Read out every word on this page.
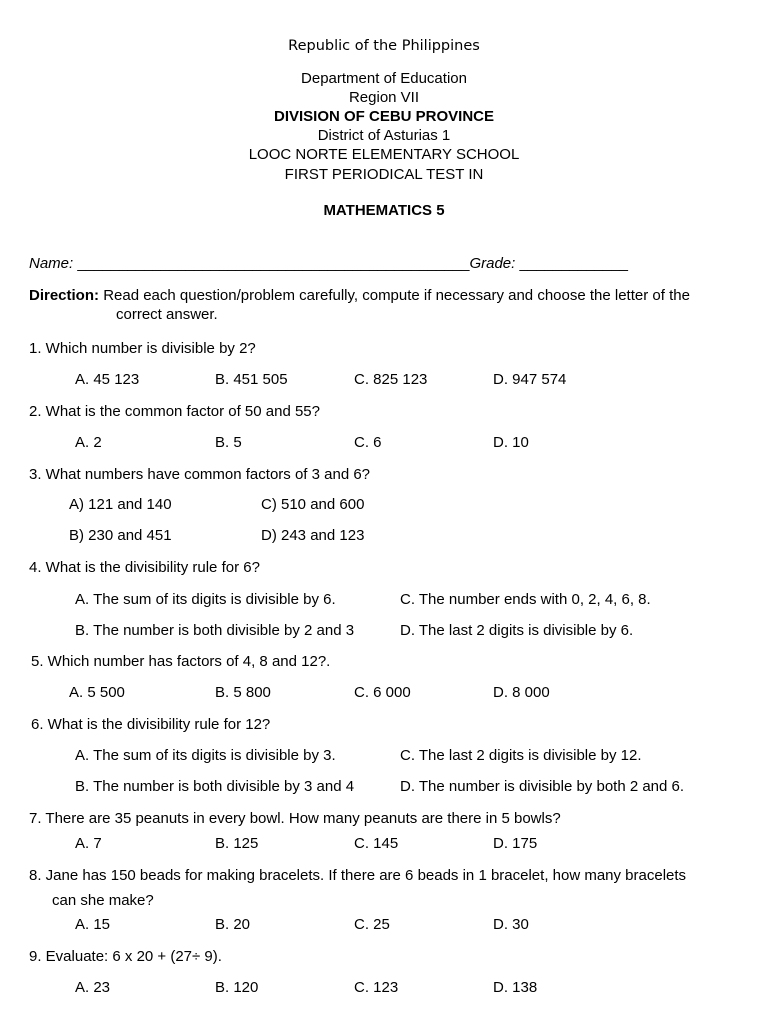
Republic of the Philippines
Department of Education
Region VII
DIVISION OF CEBU PROVINCE
District of Asturias 1
LOOC NORTE ELEMENTARY SCHOOL
FIRST PERIODICAL TEST IN
MATHEMATICS 5
Name: _______________________________________________Grade: _____________
Direction: Read each question/problem carefully, compute if necessary and choose the letter of the
correct answer.
1. Which number is divisible by 2?
A. 45 123	B. 451 505	C. 825 123	D. 947 574
2. What is the common factor of 50 and 55?
A. 2	B. 5	C. 6	D. 10
3. What numbers have common factors of 3 and 6?
A) 121 and 140	C) 510 and 600
B) 230 and 451	D) 243 and 123
4. What is the divisibility rule for 6?
A. The sum of its digits is divisible by 6.	C. The number ends with 0, 2, 4, 6, 8.
B. The number is both divisible by 2 and 3	D. The last 2 digits is divisible by 6.
5. Which number has factors of 4, 8 and 12?.
A. 5 500	B. 5 800	C. 6 000	D. 8 000
6. What is the divisibility rule for 12?
A. The sum of its digits is divisible by 3.	C. The last 2 digits is divisible by 12.
B. The number is both divisible by 3 and 4	D. The number is divisible by both 2 and 6.
7. There are 35 peanuts in every bowl. How many peanuts are there in 5 bowls?
A. 7	B. 125	C. 145	D. 175
8. Jane has 150 beads for making bracelets. If there are 6 beads in 1 bracelet, how many bracelets
can she make?
A. 15	B. 20	C. 25	D. 30
9. Evaluate: 6 x 20 + (27÷ 9).
A. 23	B. 120	C. 123	D. 138
